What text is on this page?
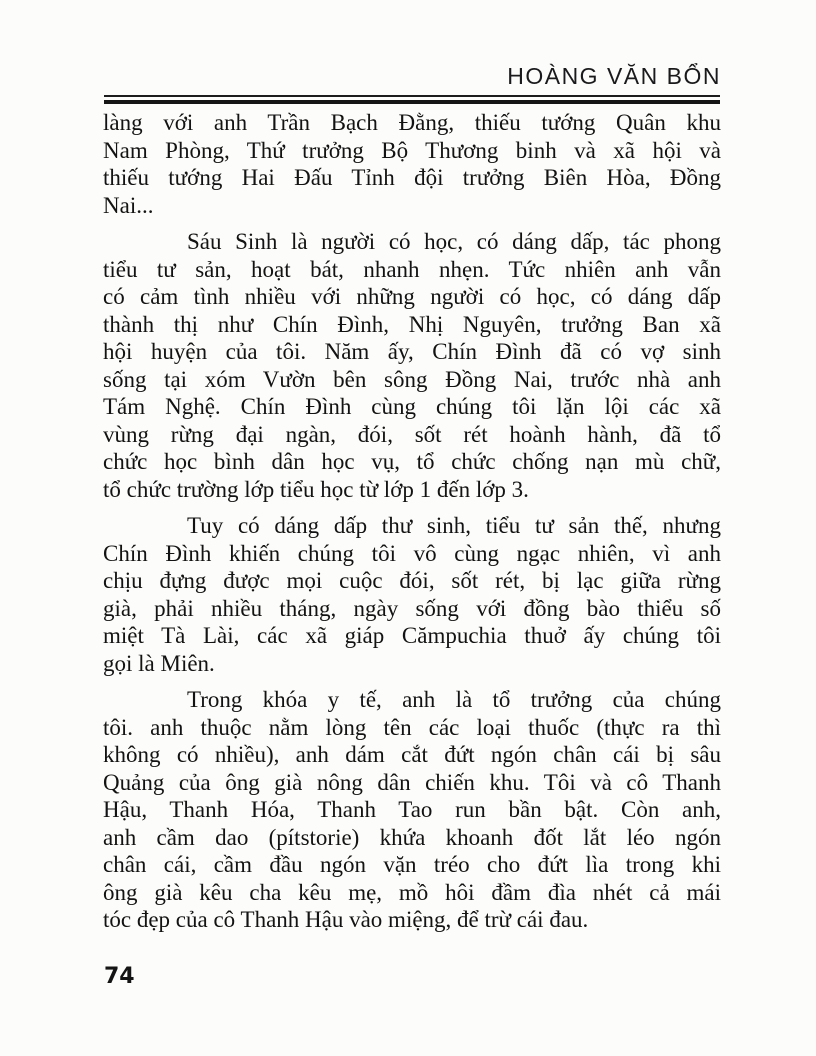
HOÀNG VĂN BỔN

làng với anh Trần Bạch Đằng, thiếu tướng Quân khu
Nam Phòng, Thứ trưởng Bộ Thương binh và xã hội và
thiếu tướng Hai Đấu Tỉnh đội trưởng Biên Hòa, Đồng
Nai...

Sáu Sinh là người có học, có dáng dấp, tác phong
tiểu tư sản, hoạt bát, nhanh nhẹn. Tức nhiên anh vẫn
có cảm tình nhiều với những người có học, có dáng dấp
thành thị như Chín Đình, Nhị Nguyên, trưởng Ban xã
hội huyện của tôi. Năm ấy, Chín Đình đã có vợ sinh
sống tại xóm Vườn bên sông Đồng Nai, trước nhà anh
Tám Nghệ. Chín Đình cùng chúng tôi lặn lội các xã
vùng rừng đại ngàn, đói, sốt rét hoành hành, đã tổ
chức học bình dân học vụ, tổ chức chống nạn mù chữ,
tổ chức trường lớp tiểu học từ lớp 1 đến lớp 3.

Tuy có dáng dấp thư sinh, tiểu tư sản thế, nhưng
Chín Đình khiến chúng tôi vô cùng ngạc nhiên, vì anh
chịu đựng được mọi cuộc đói, sốt rét, bị lạc giữa rừng
già, phải nhiều tháng, ngày sống với đồng bào thiểu số
miệt Tà Lài, các xã giáp Cămpuchia thuở ấy chúng tôi
gọi là Miên.

Trong khóa y tế, anh là tổ trưởng của chúng
tôi. anh thuộc nằm lòng tên các loại thuốc (thực ra thì
không có nhiều), anh dám cắt đứt ngón chân cái bị sâu
Quảng của ông già nông dân chiến khu. Tôi và cô Thanh
Hậu, Thanh Hóa, Thanh Tao run bần bật. Còn anh,
anh cầm dao (pítstorie) khứa khoanh đốt lắt léo ngón
chân cái, cầm đầu ngón vặn tréo cho đứt lìa trong khi
ông già kêu cha kêu mẹ, mồ hôi đầm đìa nhét cả mái
tóc đẹp của cô Thanh Hậu vào miệng, để trừ cái đau.

74
